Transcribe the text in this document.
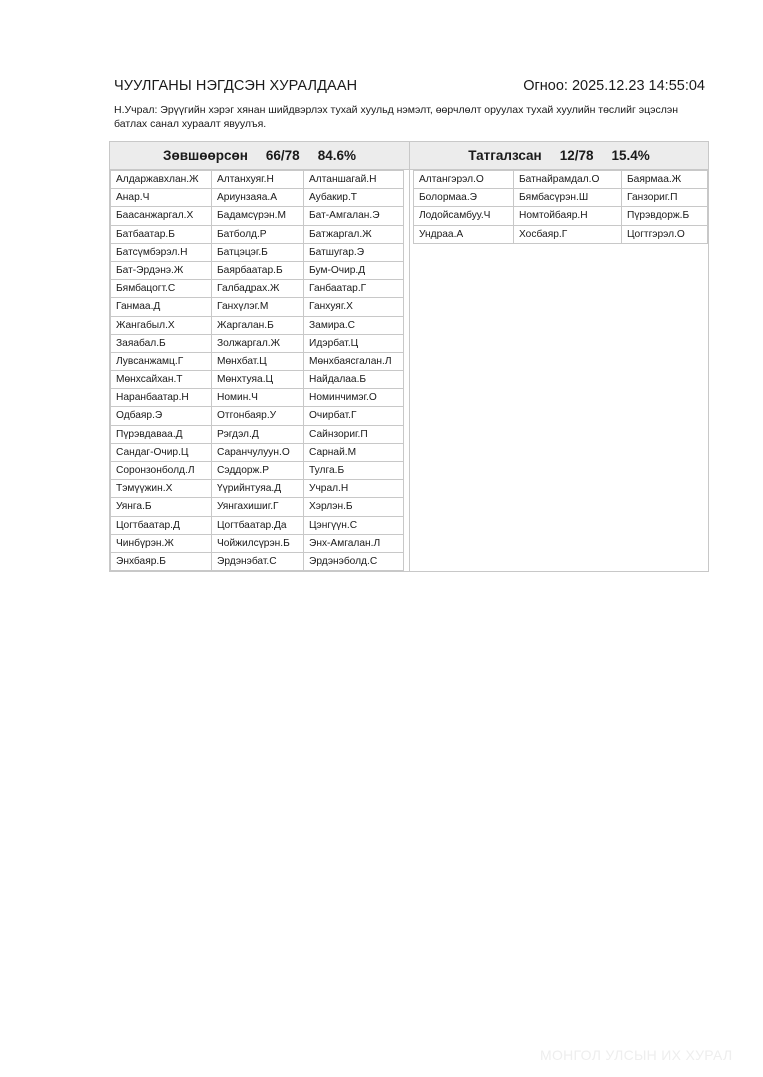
ЧУУЛГАНЫ НЭГДСЭН ХУРАЛДААН	Огноо: 2025.12.23 14:55:04
Н.Учрал: Эрүүгийн хэрэг хянан шийдвэрлэх тухай хуульд нэмэлт, өөрчлөлт оруулах тухай хуулийн төслийг эцэслэн батлах санал хураалт явуулъя.
Зөвшөөрсөн 66/78 84.6%
Алдаржавхлан.Ж	Алтанхуяг.Н	Алтаншагай.Н
Анар.Ч	Ариунзаяа.А	Аубакир.Т
Баасанжаргал.Х	Бадамсүрэн.М	Бат-Амгалан.Э
Батбаатар.Б	Батболд.Р	Батжаргал.Ж
Батсүмбэрэл.Н	Батцэцэг.Б	Батшугар.Э
Бат-Эрдэнэ.Ж	Баярбаатар.Б	Бум-Очир.Д
Бямбацогт.С	Галбадрах.Ж	Ганбаатар.Г
Ганмаа.Д	Ганхүлэг.М	Ганхуяг.Х
Жангабыл.Х	Жаргалан.Б	Замира.С
Заяабал.Б	Золжаргал.Ж	Идэрбат.Ц
Лувсанжамц.Г	Мөнхбат.Ц	Мөнхбаясгалан.Л
Мөнхсайхан.Т	Мөнхтуяа.Ц	Найдалаа.Б
Наранбаатар.Н	Номин.Ч	Номинчимэг.О
Одбаяр.Э	Отгонбаяр.У	Очирбат.Г
Пүрэвдаваа.Д	Рэгдэл.Д	Сайнзориг.П
Сандаг-Очир.Ц	Саранчулуун.О	Сарнай.М
Соронзонболд.Л	Сэддорж.Р	Тулга.Б
Тэмүүжин.Х	Үүрийнтуяа.Д	Учрал.Н
Уянга.Б	Уянгахишиг.Г	Хэрлэн.Б
Цогтбаатар.Д	Цогтбаатар.Да	Цэнгүүн.С
Чинбүрэн.Ж	Чойжилсүрэн.Б	Энх-Амгалан.Л
Энхбаяр.Б	Эрдэнэбат.С	Эрдэнэболд.С
Татгалзсан 12/78 15.4%
Алтангэрэл.О	Батнайрамдал.О	Баярмаа.Ж
Болормаа.Э	Бямбасүрэн.Ш	Ганзориг.П
Лодойсамбуу.Ч	Номтойбаяр.Н	Пүрэвдорж.Б
Ундраа.А	Хосбаяр.Г	Цогтгэрэл.О
МОНГОЛ УЛСЫН ИХ ХУРАЛ
